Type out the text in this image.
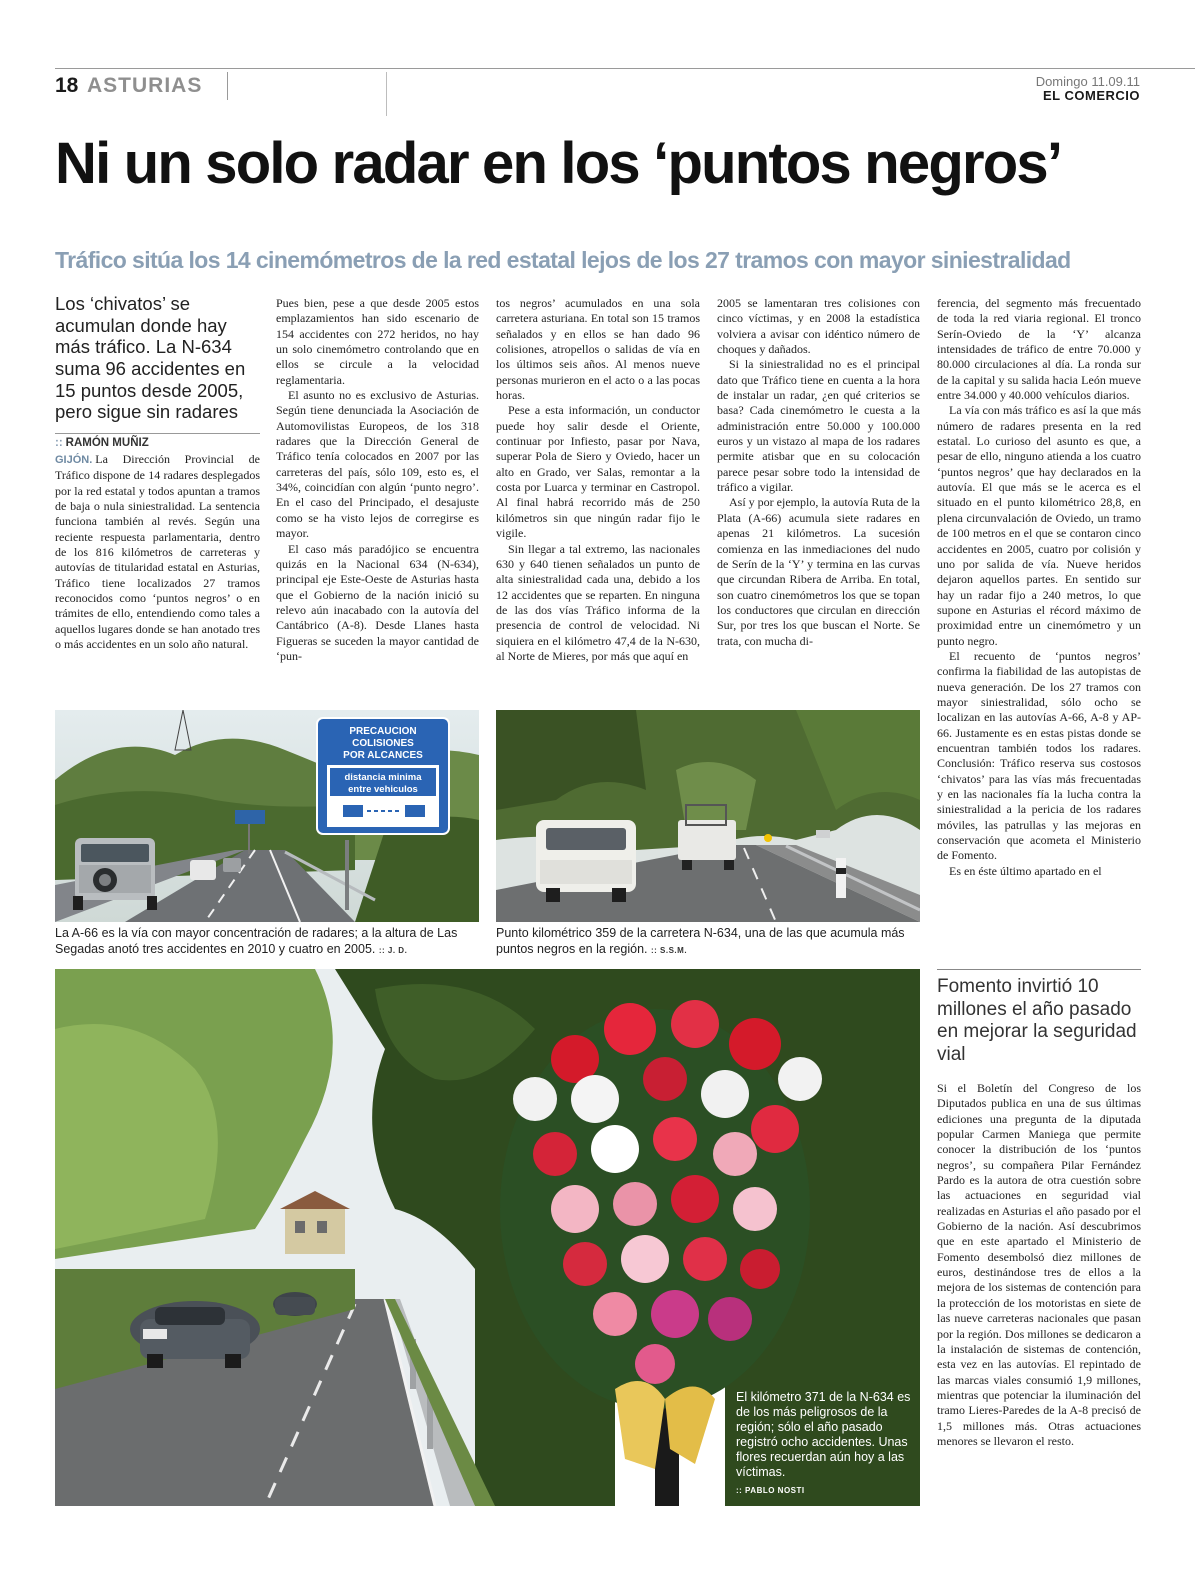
18 ASTURIAS	Domingo 11.09.11
EL COMERCIO
Ni un solo radar en los ‘puntos negros’
Tráfico sitúa los 14 cinemómetros de la red estatal lejos de los 27 tramos con mayor siniestralidad
Los ‘chivatos’ se acumulan donde hay más tráfico. La N-634 suma 96 accidentes en 15 puntos desde 2005, pero sigue sin radares
:: RAMÓN MUÑIZ

GIJÓN. La Dirección Provincial de Tráfico dispone de 14 radares desplegados por la red estatal y todos apuntan a tramos de baja o nula siniestralidad. La sentencia funciona también al revés. Según una reciente respuesta parlamentaria, dentro de los 816 kilómetros de carreteras y autovías de titularidad estatal en Asturias, Tráfico tiene localizados 27 tramos reconocidos como ‘puntos negros’ o en trámites de ello, entendiendo como tales a aquellos lugares donde se han anotado tres o más accidentes en un solo año natural.

Pues bien, pese a que desde 2005 estos emplazamientos han sido escenario de 154 accidentes con 272 heridos, no hay un solo cinemómetro controlando que en ellos se circule a la velocidad reglamentaria.

El asunto no es exclusivo de Asturias. Según tiene denunciada la Asociación de Automovilistas Europeos, de los 318 radares que la Dirección General de Tráfico tenía colocados en 2007 por las carreteras del país, sólo 109, esto es, el 34%, coincidían con algún ‘punto negro’. En el caso del Principado, el desajuste como se ha visto lejos de corregirse es mayor.

El caso más paradójico se encuentra quizás en la Nacional 634 (N-634), principal eje Este-Oeste de Asturias hasta que el Gobierno de la nación inició su relevo aún inacabado con la autovía del Cantábrico (A-8). Desde Llanes hasta Figueras se suceden la mayor cantidad de ‘pun-

tos negros’ acumulados en una sola carretera asturiana. En total son 15 tramos señalados y en ellos se han dado 96 colisiones, atropellos o salidas de vía en los últimos seis años. Al menos nueve personas murieron en el acto o a las pocas horas.

Pese a esta información, un conductor puede hoy salir desde el Oriente, continuar por Infiesto, pasar por Nava, superar Pola de Siero y Oviedo, hacer un alto en Grado, ver Salas, remontar a la costa por Luarca y terminar en Castropol. Al final habrá recorrido más de 250 kilómetros sin que ningún radar fijo le vigile.

Sin llegar a tal extremo, las nacionales 630 y 640 tienen señalados un punto de alta siniestralidad cada una, debido a los 12 accidentes que se reparten. En ninguna de las dos vías Tráfico informa de la presencia de control de velocidad. Ni siquiera en el kilómetro 47,4 de la N-630, al Norte de Mieres, por más que aquí en

2005 se lamentaran tres colisiones con cinco víctimas, y en 2008 la estadística volviera a avisar con idéntico número de choques y dañados.

Si la siniestralidad no es el principal dato que Tráfico tiene en cuenta a la hora de instalar un radar, ¿en qué criterios se basa? Cada cinemómetro le cuesta a la administración entre 50.000 y 100.000 euros y un vistazo al mapa de los radares permite atisbar que en su colocación parece pesar sobre todo la intensidad de tráfico a vigilar.

Así y por ejemplo, la autovía Ruta de la Plata (A-66) acumula siete radares en apenas 21 kilómetros. La sucesión comienza en las inmediaciones del nudo de Serín de la ‘Y’ y termina en las curvas que circundan Ribera de Arriba. En total, son cuatro cinemómetros los que se topan los conductores que circulan en dirección Sur, por tres los que buscan el Norte. Se trata, con mucha di-

ferencia, del segmento más frecuentado de toda la red viaria regional. El tronco Serín-Oviedo de la ‘Y’ alcanza intensidades de tráfico de entre 70.000 y 80.000 circulaciones al día. La ronda sur de la capital y su salida hacia León mueve entre 34.000 y 40.000 vehículos diarios.

La vía con más tráfico es así la que más número de radares presenta en la red estatal. Lo curioso del asunto es que, a pesar de ello, ninguno atienda a los cuatro ‘puntos negros’ que hay declarados en la autovía. El que más se le acerca es el situado en el punto kilométrico 28,8, en plena circunvalación de Oviedo, un tramo de 100 metros en el que se contaron cinco accidentes en 2005, cuatro por colisión y uno por salida de vía. Nueve heridos dejaron aquellos partes. En sentido sur hay un radar fijo a 240 metros, lo que supone en Asturias el récord máximo de proximidad entre un cinemómetro y un punto negro.

El recuento de ‘puntos negros’ confirma la fiabilidad de las autopistas de nueva generación. De los 27 tramos con mayor siniestralidad, sólo ocho se localizan en las autovías A-66, A-8 y AP-66. Justamente es en estas pistas donde se encuentran también todos los radares. Conclusión: Tráfico reserva sus costosos ‘chivatos’ para las vías más frecuentadas y en las nacionales fía la lucha contra la siniestralidad a la pericia de los radares móviles, las patrullas y las mejoras en conservación que acometa el Ministerio de Fomento.

Es en éste último apartado en el

PRECAUCION
COLISIONES
POR ALCANCES
distancia minima
entre vehiculos
La A-66 es la vía con mayor concentración de radares; a la altura de Las Segadas anotó tres accidentes en 2010 y cuatro en 2005. :: J. D.
Punto kilométrico 359 de la carretera N-634, una de las que acumula más puntos negros en la región. :: S.S.M.
El kilómetro 371 de la N-634 es de los más peligrosos de la región; sólo el año pasado registró ocho accidentes. Unas flores recuerdan aún hoy a las víctimas.
:: PABLO NOSTI
Fomento invirtió 10 millones el año pasado en mejorar la seguridad vial

Si el Boletín del Congreso de los Diputados publica en una de sus últimas ediciones una pregunta de la diputada popular Carmen Maniega que permite conocer la distribución de los ‘puntos negros’, su compañera Pilar Fernández Pardo es la autora de otra cuestión sobre las actuaciones en seguridad vial realizadas en Asturias el año pasado por el Gobierno de la nación. Así descubrimos que en este apartado el Ministerio de Fomento desembolsó diez millones de euros, destinándose tres de ellos a la mejora de los sistemas de contención para la protección de los motoristas en siete de las nueve carreteras nacionales que pasan por la región. Dos millones se dedicaron a la instalación de sistemas de contención, esta vez en las autovías. El repintado de las marcas viales consumió 1,9 millones, mientras que potenciar la iluminación del tramo Lieres-Paredes de la A-8 precisó de 1,5 millones más. Otras actuaciones menores se llevaron el resto.
